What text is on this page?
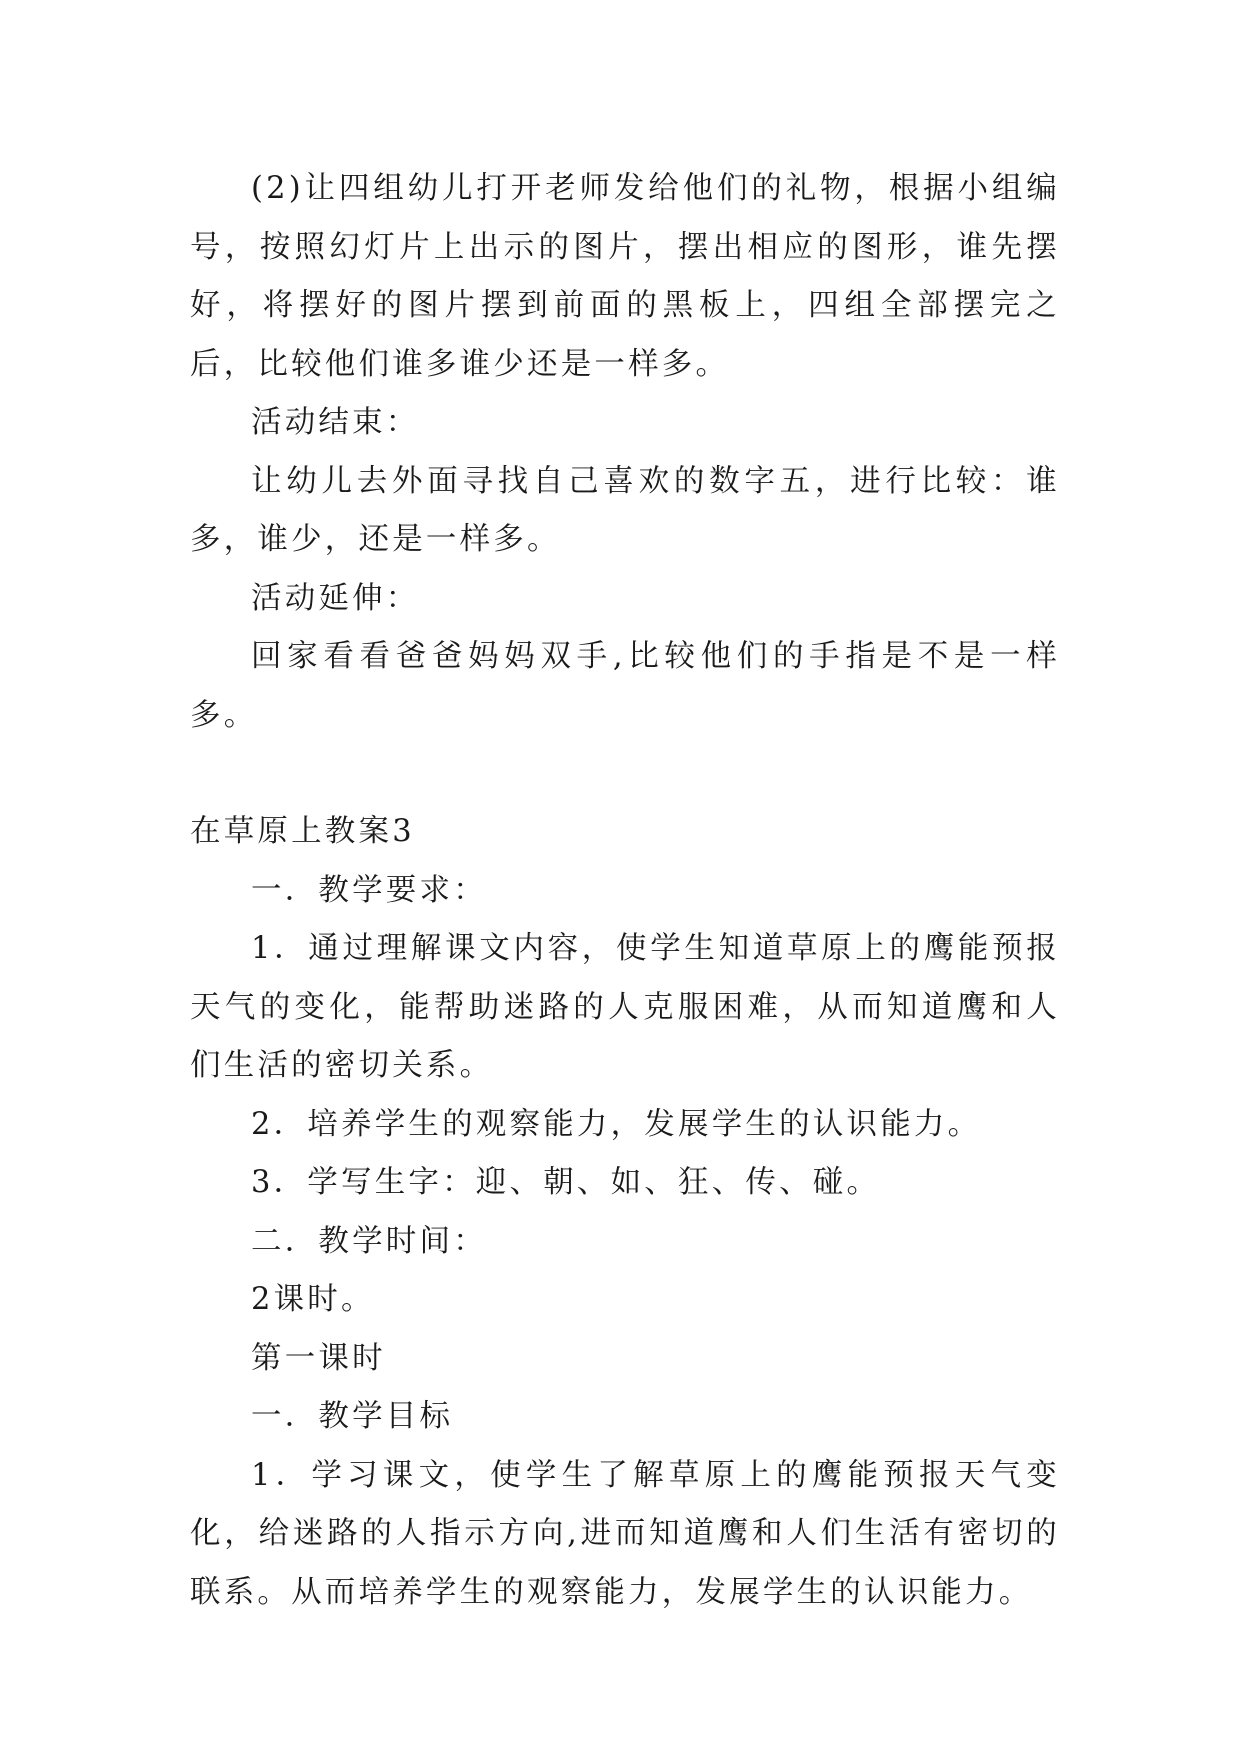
(2)让四组幼儿打开老师发给他们的礼物，根据小组编号，按照幻灯片上出示的图片，摆出相应的图形，谁先摆好，将摆好的图片摆到前面的黑板上，四组全部摆完之后，比较他们谁多谁少还是一样多。

活动结束：

让幼儿去外面寻找自己喜欢的数字五，进行比较：谁多，谁少，还是一样多。

活动延伸：

回家看看爸爸妈妈双手,比较他们的手指是不是一样多。

在草原上教案3

一．教学要求：

1．通过理解课文内容，使学生知道草原上的鹰能预报天气的变化，能帮助迷路的人克服困难，从而知道鹰和人们生活的密切关系。

2．培养学生的观察能力，发展学生的认识能力。

3．学写生字：迎、朝、如、狂、传、碰。

二．教学时间：

2课时。

第一课时

一．教学目标

1．学习课文，使学生了解草原上的鹰能预报天气变化，给迷路的人指示方向,进而知道鹰和人们生活有密切的联系。从而培养学生的观察能力，发展学生的认识能力。
